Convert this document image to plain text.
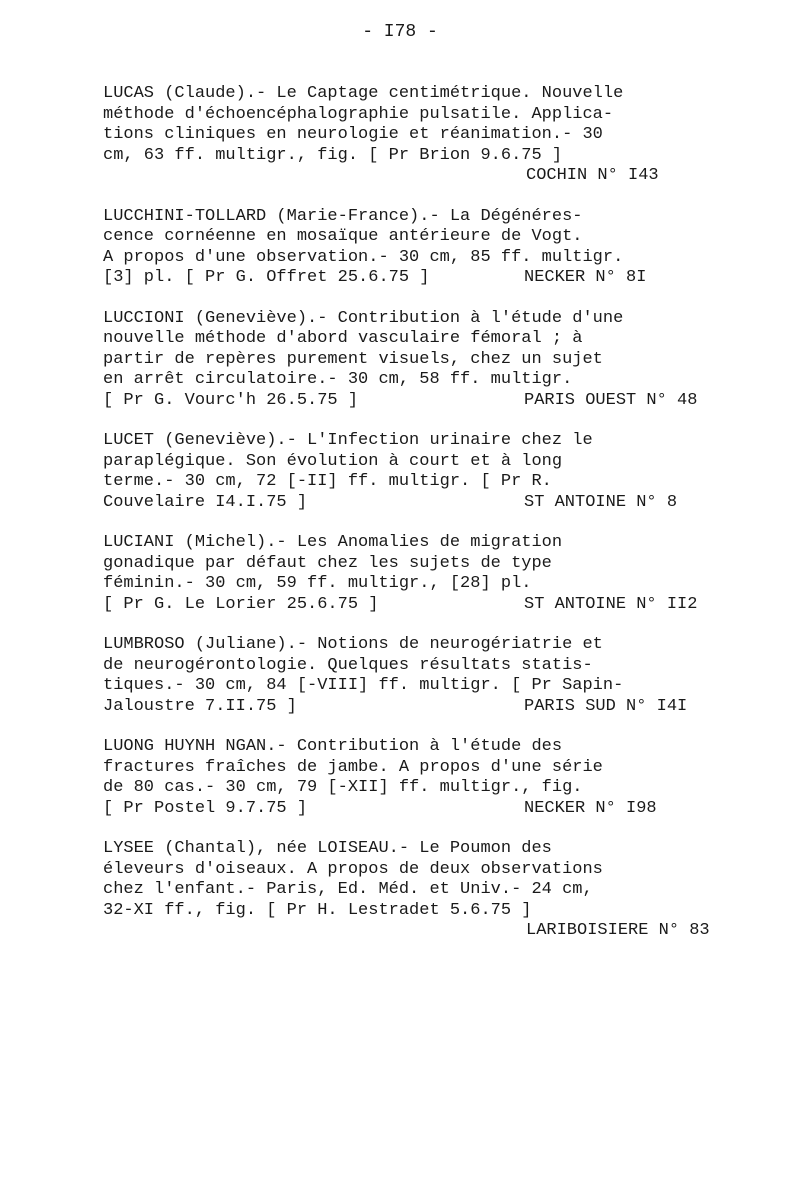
- I78 -
LUCAS (Claude).- Le Captage centimétrique. Nouvelle
méthode d'échoencéphalographie pulsatile. Applica-
tions cliniques en neurologie et réanimation.- 30
cm, 63 ff. multigr., fig. [ Pr Brion 9.6.75 ]
COCHIN N° I43
LUCCHINI-TOLLARD (Marie-France).- La Dégénéres-
cence cornéenne en mosaïque antérieure de Vogt.
A propos d'une observation.- 30 cm, 85 ff. multigr.
[3] pl. [ Pr G. Offret 25.6.75 ]	NECKER N° 8I
LUCCIONI (Geneviève).- Contribution à l'étude d'une
nouvelle méthode d'abord vasculaire fémoral ; à
partir de repères purement visuels, chez un sujet
en arrêt circulatoire.- 30 cm, 58 ff. multigr.
[ Pr G. Vourc'h 26.5.75 ]	PARIS OUEST N° 48
LUCET (Geneviève).- L'Infection urinaire chez le
paraplégique. Son évolution à court et à long
terme.- 30 cm, 72 [-II] ff. multigr. [ Pr R.
Couvelaire I4.I.75 ]	ST ANTOINE N° 8
LUCIANI (Michel).- Les Anomalies de migration
gonadique par défaut chez les sujets de type
féminin.- 30 cm, 59 ff. multigr., [28] pl.
[ Pr G. Le Lorier 25.6.75 ]	ST ANTOINE N° II2
LUMBROSO (Juliane).- Notions de neurogériatrie et
de neurogérontologie. Quelques résultats statis-
tiques.- 30 cm, 84 [-VIII] ff. multigr. [ Pr Sapin-
Jaloustre 7.II.75 ]	PARIS SUD N° I4I
LUONG HUYNH NGAN.- Contribution à l'étude des
fractures fraîches de jambe. A propos d'une série
de 80 cas.- 30 cm, 79 [-XII] ff. multigr., fig.
[ Pr Postel 9.7.75 ]	NECKER N° I98
LYSEE (Chantal), née LOISEAU.- Le Poumon des
éleveurs d'oiseaux. A propos de deux observations
chez l'enfant.- Paris, Ed. Méd. et Univ.- 24 cm,
32-XI ff., fig. [ Pr H. Lestradet 5.6.75 ]
LARIBOISIERE N° 83
